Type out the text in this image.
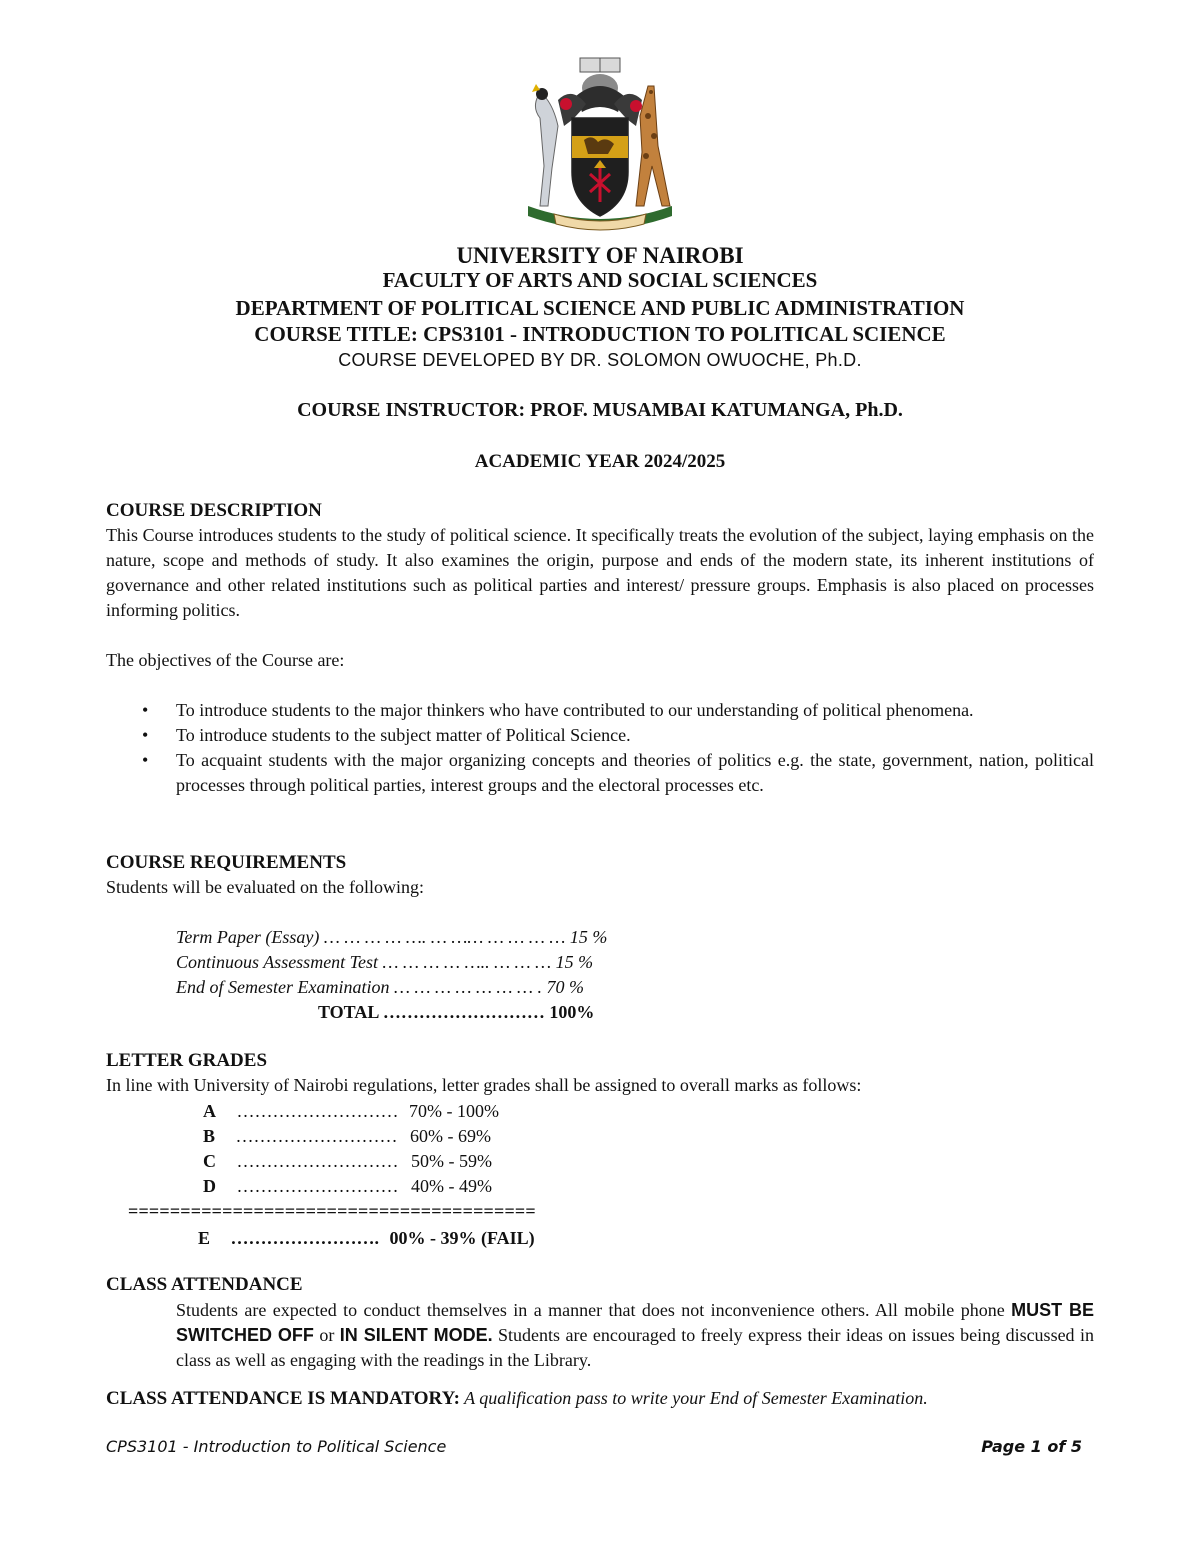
UNIVERSITY OF NAIROBI
FACULTY OF ARTS AND SOCIAL SCIENCES
DEPARTMENT OF POLITICAL SCIENCE AND PUBLIC ADMINISTRATION
COURSE TITLE: CPS3101 - INTRODUCTION TO POLITICAL SCIENCE
COURSE DEVELOPED BY DR. SOLOMON OWUOCHE, Ph.D.
COURSE INSTRUCTOR: PROF. MUSAMBAI KATUMANGA, Ph.D.
ACADEMIC YEAR 2024/2025
COURSE DESCRIPTION
This Course introduces students to the study of political science. It specifically treats the evolution of the subject, laying emphasis on the nature, scope and methods of study. It also examines the origin, purpose and ends of the modern state, its inherent institutions of governance and other related institutions such as political parties and interest/ pressure groups. Emphasis is also placed on processes informing politics.
The objectives of the Course are:
• To introduce students to the major thinkers who have contributed to our understanding of political phenomena.
• To introduce students to the subject matter of Political Science.
• To acquaint students with the major organizing concepts and theories of politics e.g. the state, government, nation, political processes through political parties, interest groups and the electoral processes etc.
COURSE REQUIREMENTS
Students will be evaluated on the following:
Term Paper (Essay) … … … … …. … …… … … … … 15 %
Continuous Assessment Test … … … … ….. … … … 15 %
End of Semester Examination … … … … … … … . 70 %
TOTAL ……………………… 100%
LETTER GRADES
In line with University of Nairobi regulations, letter grades shall be assigned to overall marks as follows:
A ……………………… 70% - 100%
B ……………………… 60% - 69%
C ……………………… 50% - 59%
D ……………………… 40% - 49%
=======================================
E ……………………. 00% - 39% (FAIL)
CLASS ATTENDANCE
Students are expected to conduct themselves in a manner that does not inconvenience others. All mobile phone MUST BE SWITCHED OFF or IN SILENT MODE. Students are encouraged to freely express their ideas on issues being discussed in class as well as engaging with the readings in the Library.
CLASS ATTENDANCE IS MANDATORY: A qualification pass to write your End of Semester Examination.
CPS3101 - Introduction to Political Science	Page 1 of 5
